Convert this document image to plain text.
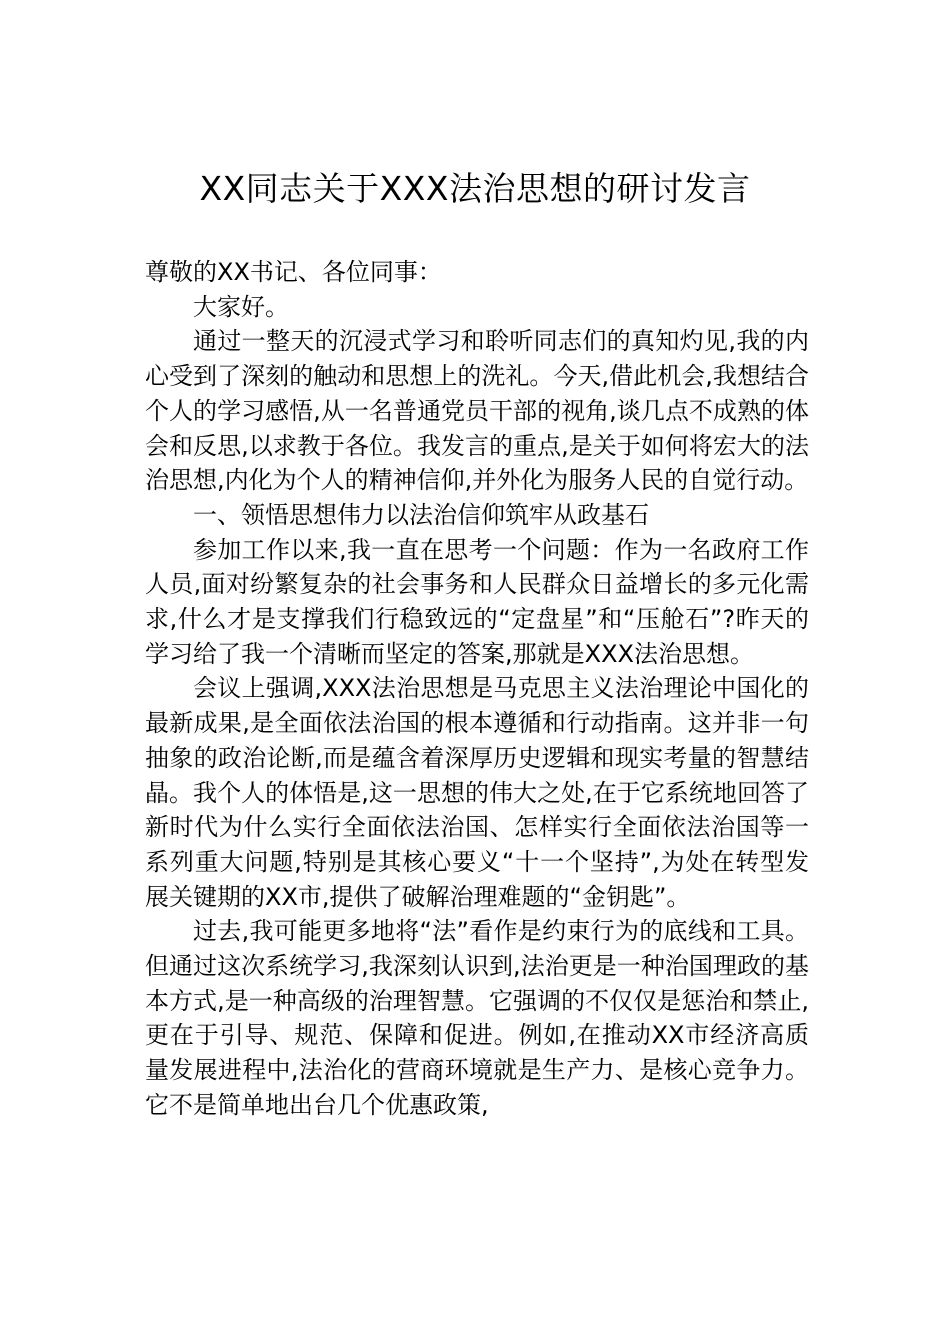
XX同志关于XXX法治思想的研讨发言

尊敬的XX书记、各位同事：

大家好。

通过一整天的沉浸式学习和聆听同志们的真知灼见,我的内心受到了深刻的触动和思想上的洗礼。今天,借此机会,我想结合个人的学习感悟,从一名普通党员干部的视角,谈几点不成熟的体会和反思,以求教于各位。我发言的重点,是关于如何将宏大的法治思想,内化为个人的精神信仰,并外化为服务人民的自觉行动。

一、领悟思想伟力以法治信仰筑牢从政基石

参加工作以来,我一直在思考一个问题：作为一名政府工作人员,面对纷繁复杂的社会事务和人民群众日益增长的多元化需求,什么才是支撑我们行稳致远的“定盘星”和“压舱石”?昨天的学习给了我一个清晰而坚定的答案,那就是XXX法治思想。

会议上强调,XXX法治思想是马克思主义法治理论中国化的最新成果,是全面依法治国的根本遵循和行动指南。这并非一句抽象的政治论断,而是蕴含着深厚历史逻辑和现实考量的智慧结晶。我个人的体悟是,这一思想的伟大之处,在于它系统地回答了新时代为什么实行全面依法治国、怎样实行全面依法治国等一系列重大问题,特别是其核心要义“十一个坚持”,为处在转型发展关键期的XX市,提供了破解治理难题的“金钥匙”。

过去,我可能更多地将“法”看作是约束行为的底线和工具。但通过这次系统学习,我深刻认识到,法治更是一种治国理政的基本方式,是一种高级的治理智慧。它强调的不仅仅是惩治和禁止,更在于引导、规范、保障和促进。例如,在推动XX市经济高质量发展进程中,法治化的营商环境就是生产力、是核心竞争力。它不是简单地出台几个优惠政策,
